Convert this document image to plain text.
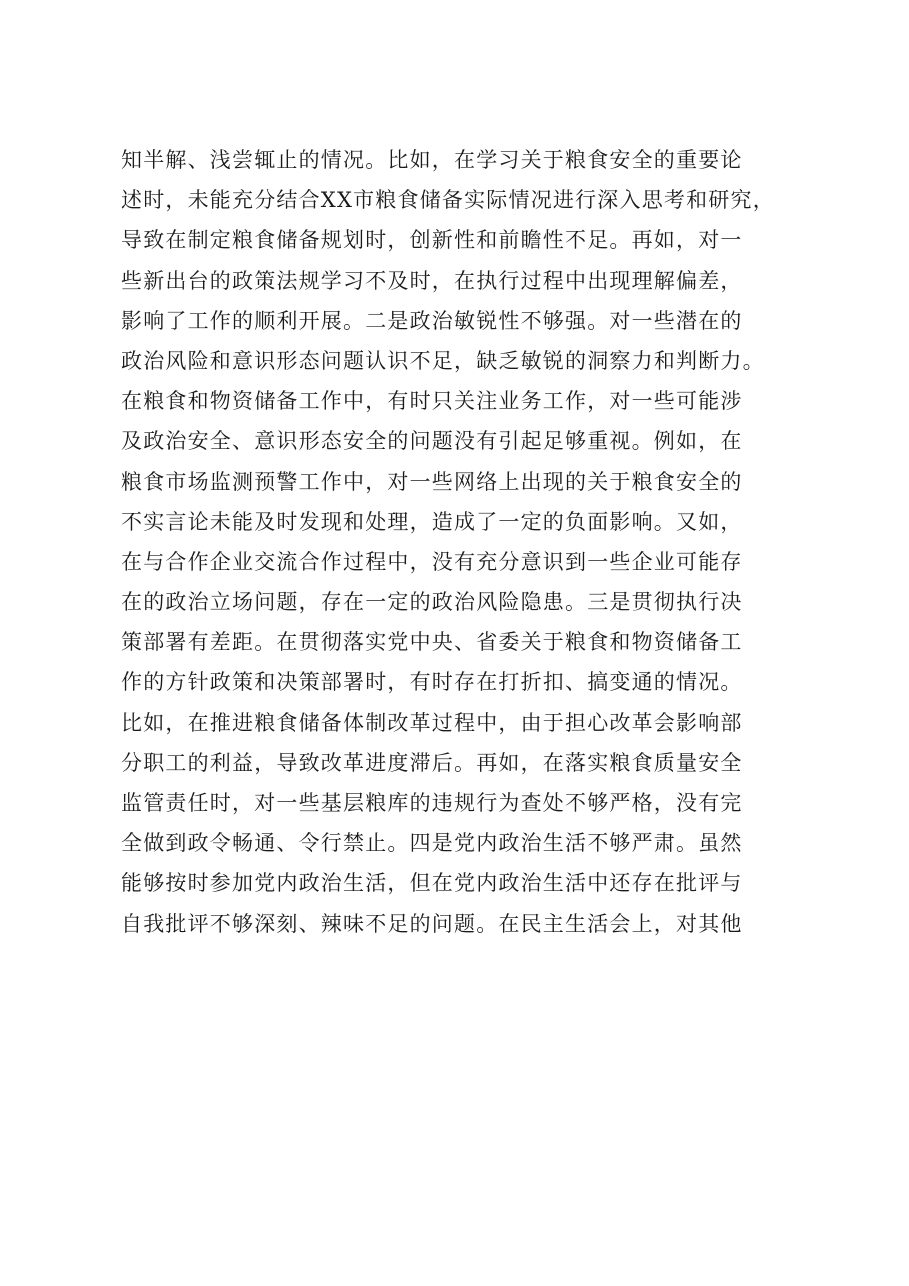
知半解、浅尝辄止的情况。比如，在学习关于粮食安全的重要论
述时，未能充分结合XX市粮食储备实际情况进行深入思考和研究，
导致在制定粮食储备规划时，创新性和前瞻性不足。再如，对一
些新出台的政策法规学习不及时，在执行过程中出现理解偏差，
影响了工作的顺利开展。二是政治敏锐性不够强。对一些潜在的
政治风险和意识形态问题认识不足，缺乏敏锐的洞察力和判断力。
在粮食和物资储备工作中，有时只关注业务工作，对一些可能涉
及政治安全、意识形态安全的问题没有引起足够重视。例如，在
粮食市场监测预警工作中，对一些网络上出现的关于粮食安全的
不实言论未能及时发现和处理，造成了一定的负面影响。又如，
在与合作企业交流合作过程中，没有充分意识到一些企业可能存
在的政治立场问题，存在一定的政治风险隐患。三是贯彻执行决
策部署有差距。在贯彻落实党中央、省委关于粮食和物资储备工
作的方针政策和决策部署时，有时存在打折扣、搞变通的情况。
比如，在推进粮食储备体制改革过程中，由于担心改革会影响部
分职工的利益，导致改革进度滞后。再如，在落实粮食质量安全
监管责任时，对一些基层粮库的违规行为查处不够严格，没有完
全做到政令畅通、令行禁止。四是党内政治生活不够严肃。虽然
能够按时参加党内政治生活，但在党内政治生活中还存在批评与
自我批评不够深刻、辣味不足的问题。在民主生活会上，对其他
